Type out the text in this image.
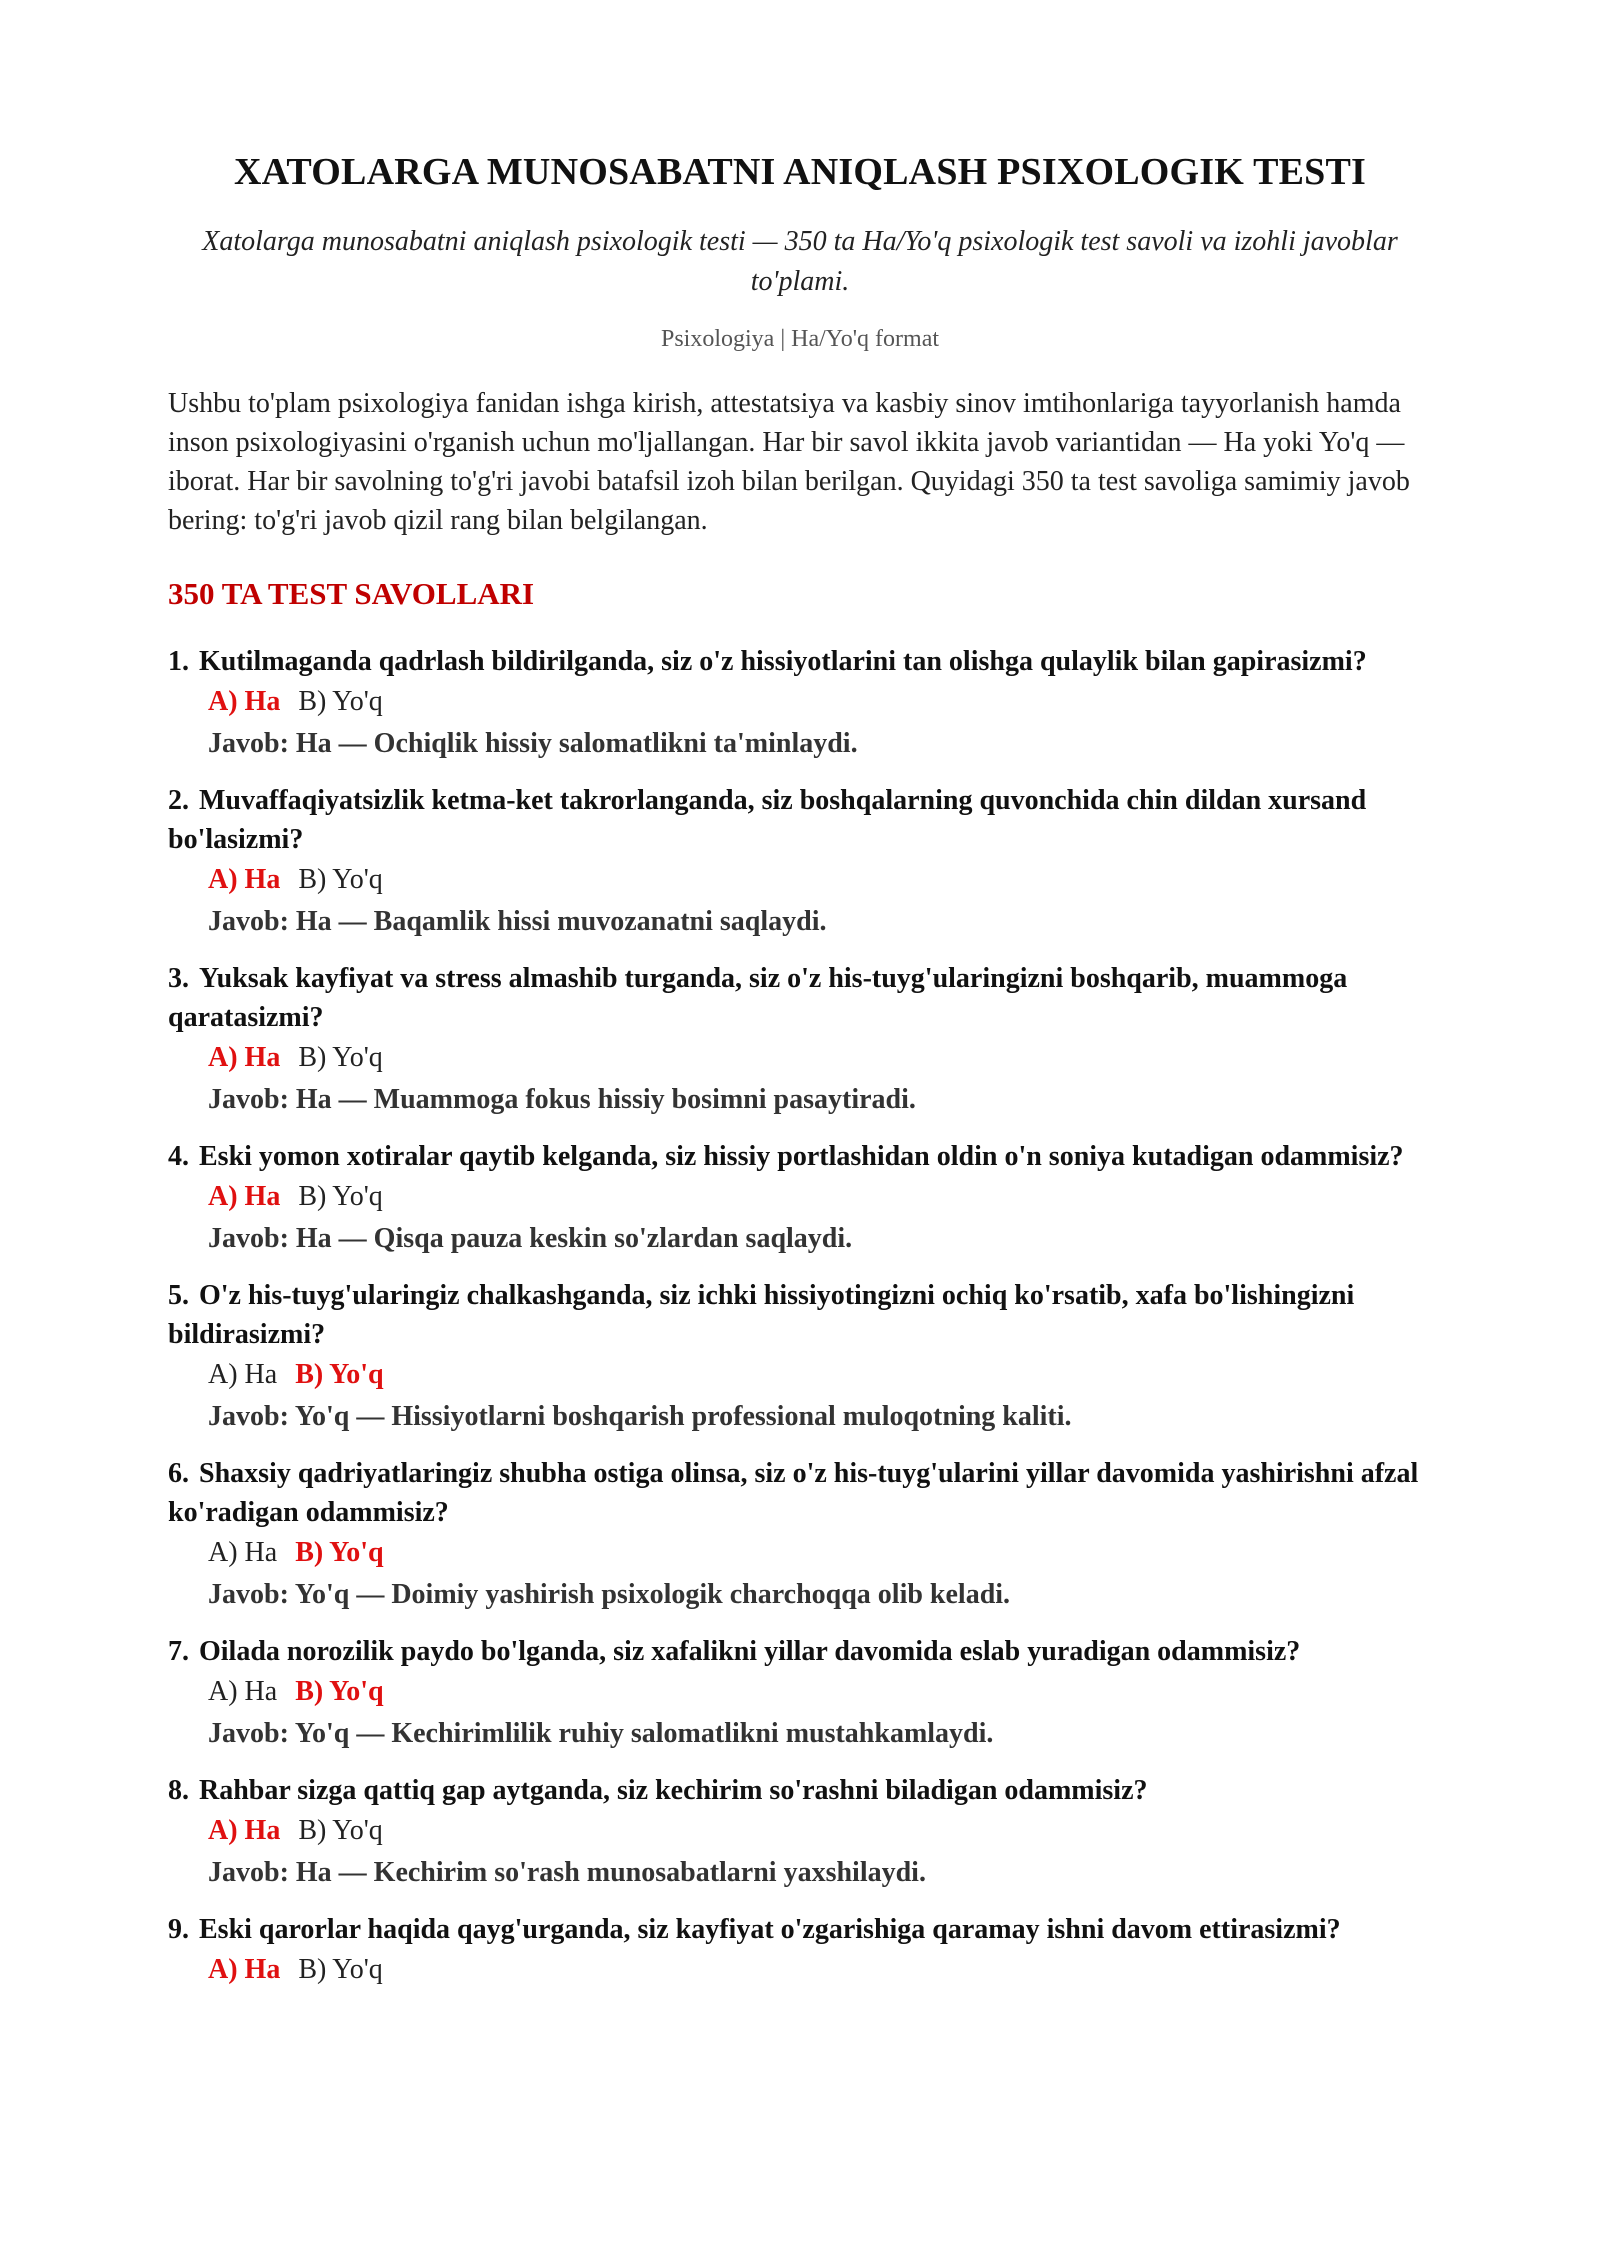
XATOLARGA MUNOSABATNI ANIQLASH PSIXOLOGIK TESTI
Xatolarga munosabatni aniqlash psixologik testi — 350 ta Ha/Yo'q psixologik test savoli va izohli javoblar to'plami.
Psixologiya | Ha/Yo'q format
Ushbu to'plam psixologiya fanidan ishga kirish, attestatsiya va kasbiy sinov imtihonlariga tayyorlanish hamda inson psixologiyasini o'rganish uchun mo'ljallangan. Har bir savol ikkita javob variantidan — Ha yoki Yo'q — iborat. Har bir savolning to'g'ri javobi batafsil izoh bilan berilgan. Quyidagi 350 ta test savoliga samimiy javob bering: to'g'ri javob qizil rang bilan belgilangan.
350 TA TEST SAVOLLARI
1. Kutilmaganda qadrlash bildirilganda, siz o'z hissiyotlarini tan olishga qulaylik bilan gapirasizmi?
A) Ha B) Yo'q
Javob: Ha — Ochiqlik hissiy salomatlikni ta'minlaydi.
2. Muvaffaqiyatsizlik ketma-ket takrorlanganda, siz boshqalarning quvonchida chin dildan xursand bo'lasizmi?
A) Ha B) Yo'q
Javob: Ha — Baqamlik hissi muvozanatni saqlaydi.
3. Yuksak kayfiyat va stress almashib turganda, siz o'z his-tuyg'ularingizni boshqarib, muammoga qaratasizmi?
A) Ha B) Yo'q
Javob: Ha — Muammoga fokus hissiy bosimni pasaytiradi.
4. Eski yomon xotiralar qaytib kelganda, siz hissiy portlashidan oldin o'n soniya kutadigan odammisiz?
A) Ha B) Yo'q
Javob: Ha — Qisqa pauza keskin so'zlardan saqlaydi.
5. O'z his-tuyg'ularingiz chalkashganda, siz ichki hissiyotingizni ochiq ko'rsatib, xafa bo'lishingizni bildirasizmi?
A) Ha B) Yo'q
Javob: Yo'q — Hissiyotlarni boshqarish professional muloqotning kaliti.
6. Shaxsiy qadriyatlaringiz shubha ostiga olinsa, siz o'z his-tuyg'ularini yillar davomida yashirishni afzal ko'radigan odammisiz?
A) Ha B) Yo'q
Javob: Yo'q — Doimiy yashirish psixologik charchoqqa olib keladi.
7. Oilada norozilik paydo bo'lganda, siz xafalikni yillar davomida eslab yuradigan odammisiz?
A) Ha B) Yo'q
Javob: Yo'q — Kechirimlilik ruhiy salomatlikni mustahkamlaydi.
8. Rahbar sizga qattiq gap aytganda, siz kechirim so'rashni biladigan odammisiz?
A) Ha B) Yo'q
Javob: Ha — Kechirim so'rash munosabatlarni yaxshilaydi.
9. Eski qarorlar haqida qayg'urganda, siz kayfiyat o'zgarishiga qaramay ishni davom ettirasizmi?
A) Ha B) Yo'q
